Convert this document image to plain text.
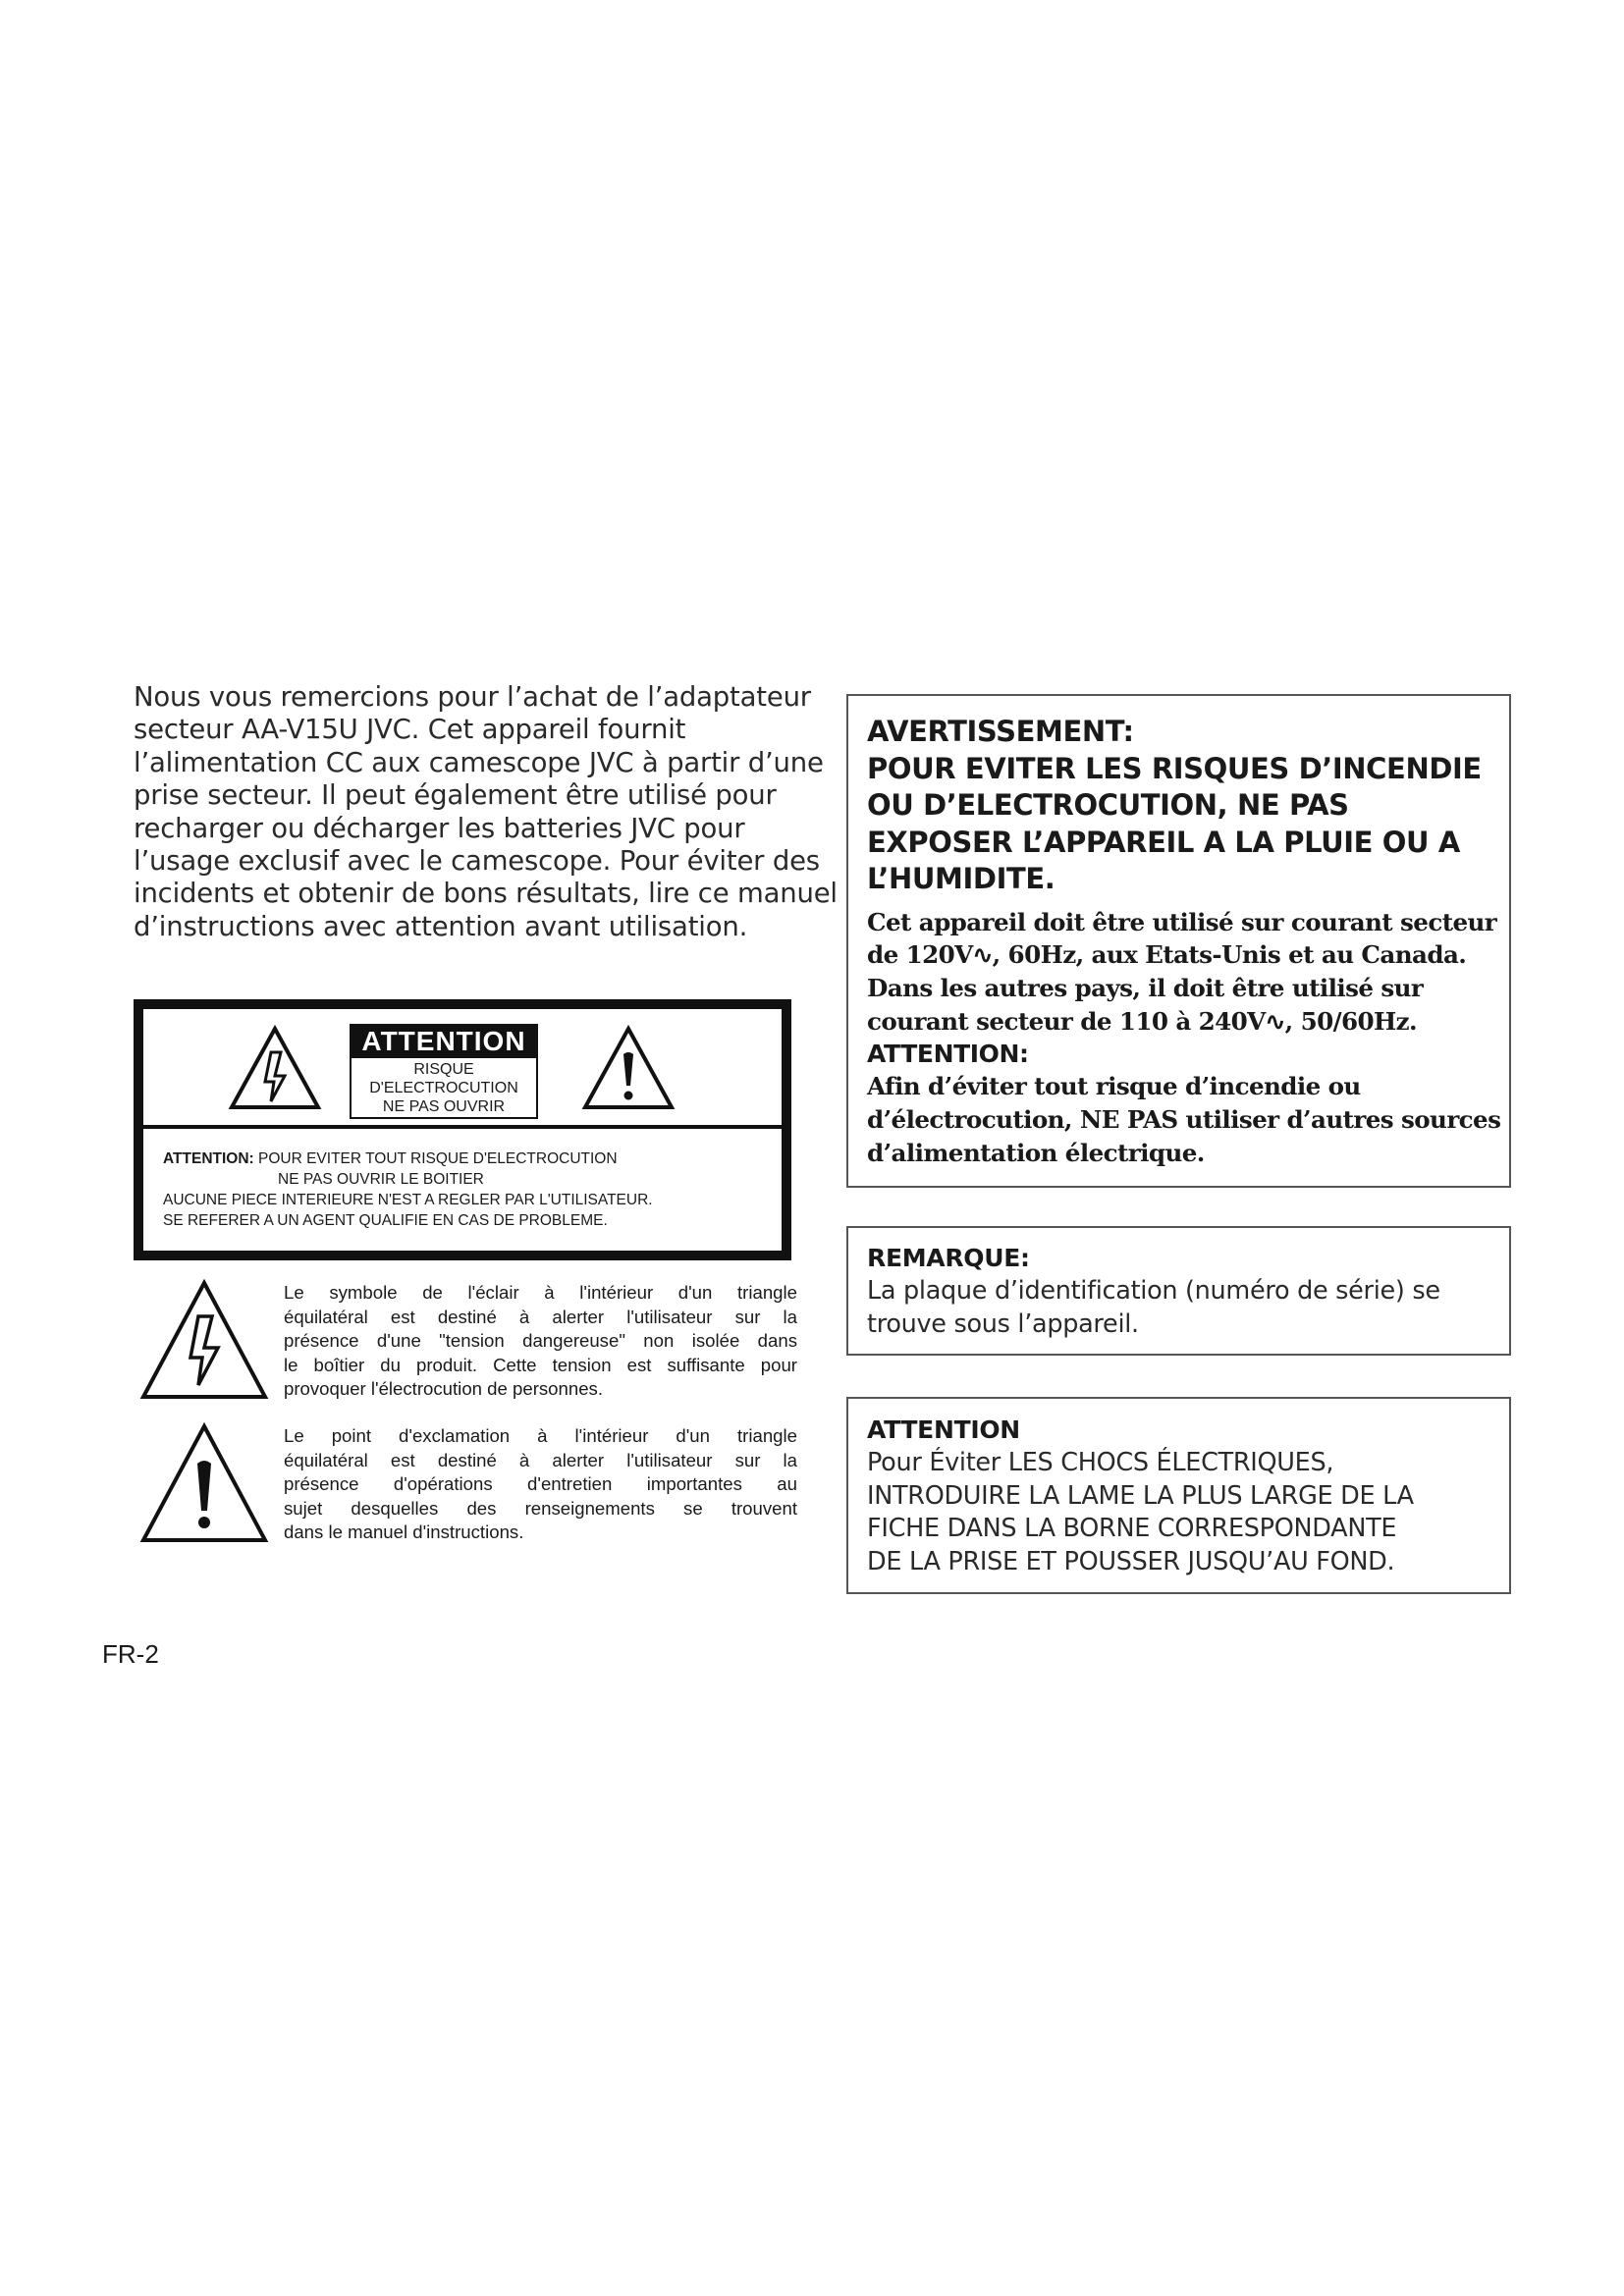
Nous vous remercions pour l’achat de l’adaptateur
secteur AA-V15U JVC. Cet appareil fournit
l’alimentation CC aux camescope JVC à partir d’une
prise secteur. Il peut également être utilisé pour
recharger ou décharger les batteries JVC pour
l’usage exclusif avec le camescope. Pour éviter des
incidents et obtenir de bons résultats, lire ce manuel
d’instructions avec attention avant utilisation.
ATTENTION
RISQUE D'ELECTROCUTION
NE PAS OUVRIR
ATTENTION: POUR EVITER TOUT RISQUE D'ELECTROCUTION
NE PAS OUVRIR LE BOITIER
AUCUNE PIECE INTERIEURE N'EST A REGLER PAR L'UTILISATEUR.
SE REFERER A UN AGENT QUALIFIE EN CAS DE PROBLEME.
Le symbole de l'éclair à l'intérieur d'un triangle
équilatéral est destiné à alerter l'utilisateur sur la
présence d'une "tension dangereuse" non isolée dans
le boîtier du produit. Cette tension est suffisante pour
provoquer l'électrocution de personnes.
Le point d'exclamation à l'intérieur d'un triangle
équilatéral est destiné à alerter l'utilisateur sur la
présence d'opérations d'entretien importantes au
sujet desquelles des renseignements se trouvent
dans le manuel d'instructions.
AVERTISSEMENT:
POUR EVITER LES RISQUES D’INCENDIE
OU D’ELECTROCUTION, NE PAS
EXPOSER L’APPAREIL A LA PLUIE OU A
L’HUMIDITE.
Cet appareil doit être utilisé sur courant secteur
de 120V∿, 60Hz, aux Etats-Unis et au Canada.
Dans les autres pays, il doit être utilisé sur
courant secteur de 110 à 240V∿, 50/60Hz.
ATTENTION:
Afin d’éviter tout risque d’incendie ou
d’électrocution, NE PAS utiliser d’autres sources
d’alimentation électrique.
REMARQUE:
La plaque d’identification (numéro de série) se
trouve sous l’appareil.
ATTENTION
Pour Éviter LES CHOCS ÉLECTRIQUES,
INTRODUIRE LA LAME LA PLUS LARGE DE LA
FICHE DANS LA BORNE CORRESPONDANTE
DE LA PRISE ET POUSSER JUSQU’AU FOND.
FR-2
